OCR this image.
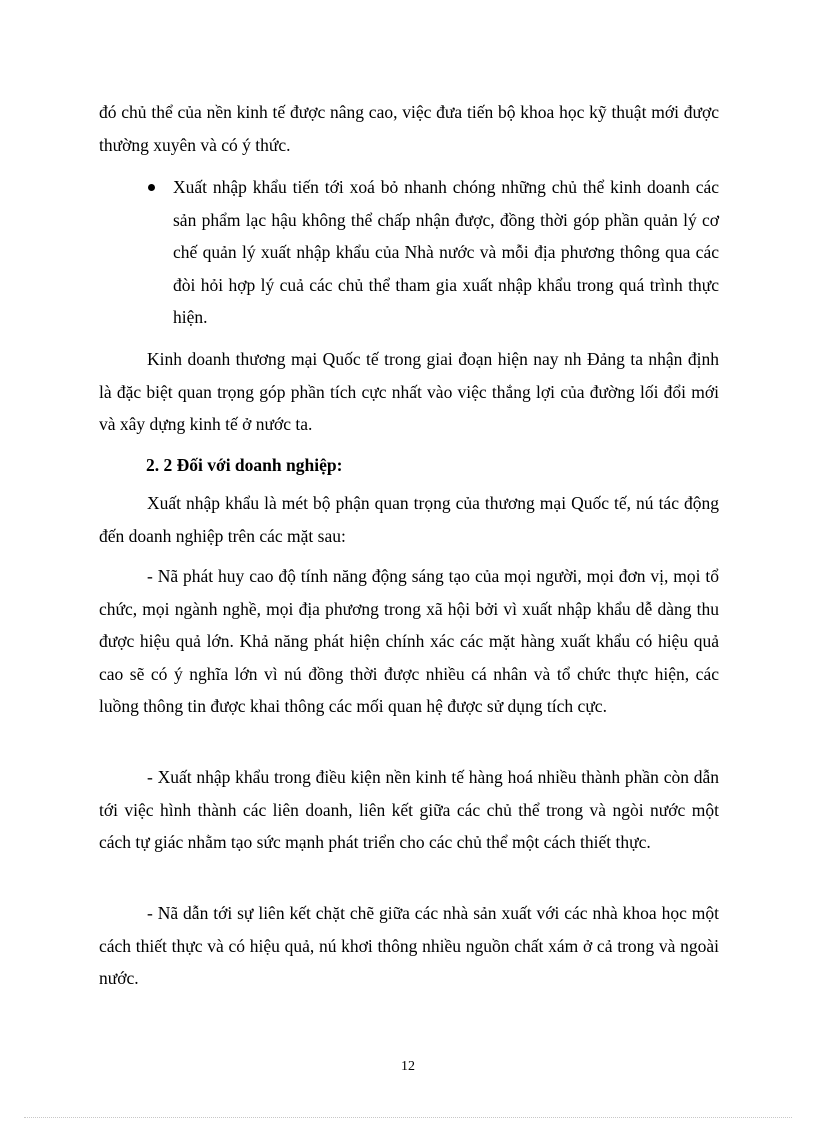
đó chủ thể của nền kinh tế được nâng cao, việc đưa tiến bộ khoa học kỹ thuật mới được thường xuyên và có ý thức.

Xuất nhập khẩu tiến tới xoá bỏ nhanh chóng những chủ thể kinh doanh các sản phẩm lạc hậu không thể chấp nhận được, đồng thời góp phần quản lý cơ chế quản lý xuất nhập khẩu của Nhà nước và mỗi địa phương thông qua các đòi hỏi hợp lý cuả các chủ thể tham gia xuất nhập khẩu trong quá trình thực hiện.

Kinh doanh thương mại Quốc tế trong giai đoạn hiện nay nh Đảng ta nhận định là đặc biệt quan trọng góp phần tích cực nhất vào việc thắng lợi của đường lối đổi mới và xây dựng kinh tế ở nước ta.

2. 2 Đối với doanh nghiệp:

Xuất nhập khẩu là mét bộ phận quan trọng của thương mại Quốc tế, nú tác động đến doanh nghiệp trên các mặt sau:

- Nã phát huy cao độ tính năng động sáng tạo của mọi người, mọi đơn vị, mọi tổ chức, mọi ngành nghề, mọi địa phương trong xã hội bởi vì xuất nhập khẩu dễ dàng thu được hiệu quả lớn. Khả năng phát hiện chính xác các mặt hàng xuất khẩu có hiệu quả cao sẽ có ý nghĩa lớn vì nú đồng thời được nhiều cá nhân và tổ chức thực hiện, các luồng thông tin được khai thông các mối quan hệ được sử dụng tích cực.

- Xuất nhập khẩu trong điều kiện nền kinh tế hàng hoá nhiều thành phần còn dẫn tới việc hình thành các liên doanh, liên kết giữa các chủ thể trong và ngòi nước một cách tự giác nhằm tạo sức mạnh phát triển cho các chủ thể một cách thiết thực.

- Nã dẫn tới sự liên kết chặt chẽ giữa các nhà sản xuất với các nhà khoa học một cách thiết thực và có hiệu quả, nú khơi thông nhiều nguồn chất xám ở cả trong và ngoài nước.

12
